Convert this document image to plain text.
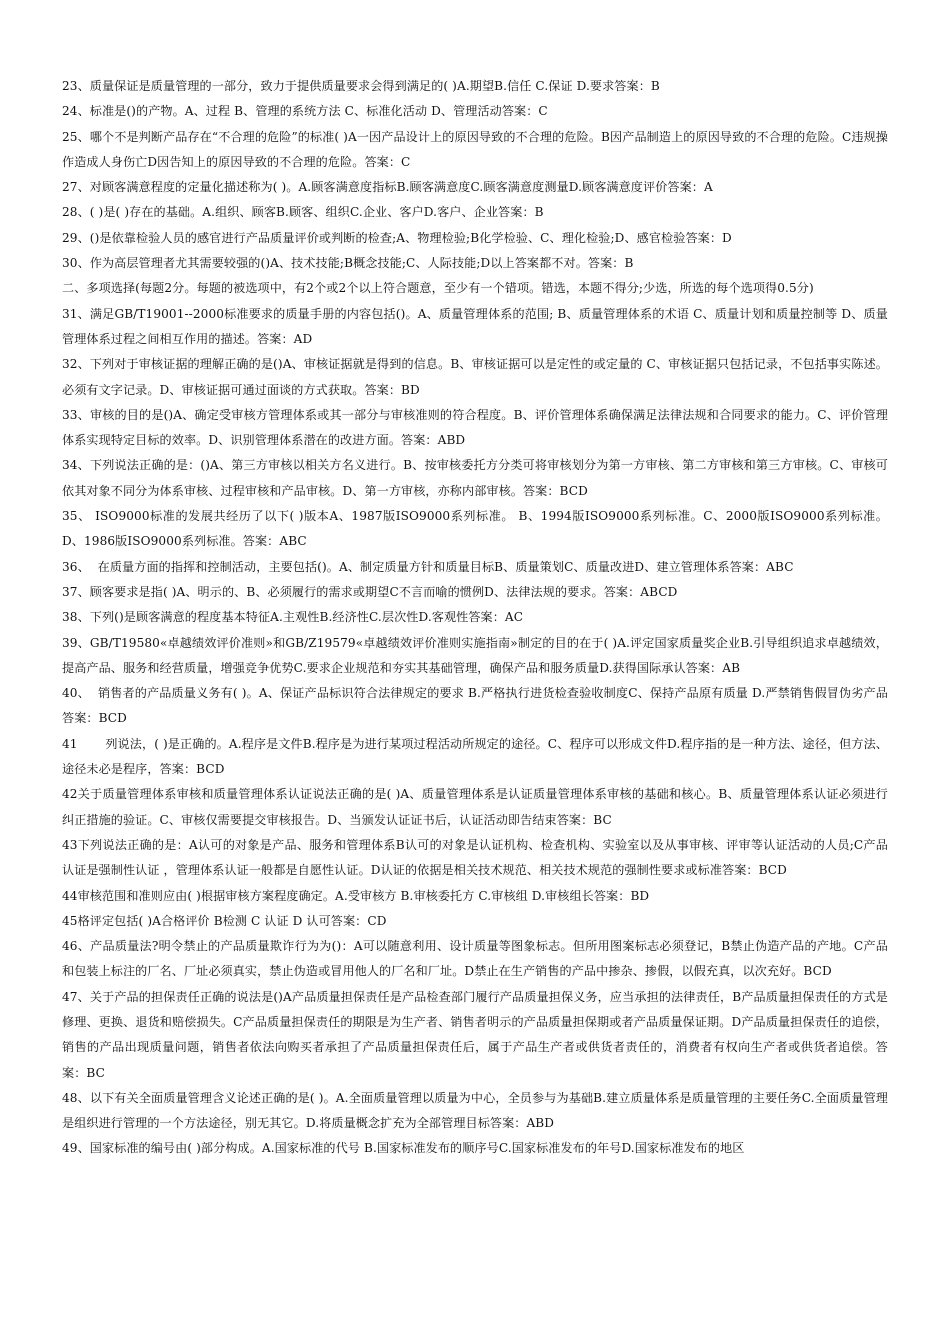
23、质量保证是质量管理的一部分，致力于提供质量要求会得到满足的( )A.期望B.信任 C.保证 D.要求答案：B

24、标准是()的产物。A、过程 B、管理的系统方法 C、标准化活动 D、管理活动答案：C

25、哪个不是判断产品存在“不合理的危险”的标准( )A一因产品设计上的原因导致的不合理的危险。B因产品制造上的原因导致的不合理的危险。C违规操作造成人身伤亡D因告知上的原因导致的不合理的危险。答案：C

27、对顾客满意程度的定量化描述称为( )。A.顾客满意度指标B.顾客满意度C.顾客满意度测量D.顾客满意度评价答案：A

28、( )是( )存在的基础。A.组织、顾客B.顾客、组织C.企业、客户D.客户、企业答案：B

29、()是依靠检验人员的感官进行产品质量评价或判断的检查;A、物理检验;B化学检验、C、理化检验;D、感官检验答案：D

30、作为高层管理者尤其需要较强的()A、技术技能;B概念技能;C、人际技能;D以上答案都不对。答案：B

二、多项选择(每题2分。每题的被选项中，有2个或2个以上符合题意，至少有一个错项。错选，本题不得分;少选，所选的每个选项得0.5分)

31、满足GB/T19001--2000标准要求的质量手册的内容包括()。A、质量管理体系的范围; B、质量管理体系的术语 C、质量计划和质量控制等 D、质量管理体系过程之间相互作用的描述。答案：AD

32、下列对于审核证据的理解正确的是()A、审核证据就是得到的信息。B、审核证据可以是定性的或定量的 C、审核证据只包括记录，不包括事实陈述。必须有文字记录。D、审核证据可通过面谈的方式获取。答案：BD

33、审核的目的是()A、确定受审核方管理体系或其一部分与审核准则的符合程度。B、评价管理体系确保满足法律法规和合同要求的能力。C、评价管理体系实现特定目标的效率。D、识别管理体系潜在的改进方面。答案：ABD

34、下列说法正确的是：()A、第三方审核以相关方名义进行。B、按审核委托方分类可将审核划分为第一方审核、第二方审核和第三方审核。C、审核可依其对象不同分为体系审核、过程审核和产品审核。D、第一方审核，亦称内部审核。答案：BCD

35、 ISO9000标准的发展共经历了以下( )版本A、1987版ISO9000系列标准。 B、1994版ISO9000系列标准。C、2000版ISO9000系列标准。 D、1986版ISO9000系列标准。答案：ABC

36、  在质量方面的指挥和控制活动，主要包括()。A、制定质量方针和质量目标B、质量策划C、质量改进D、建立管理体系答案：ABC

37、顾客要求是指( )A、明示的、B、必须履行的需求或期望C不言而喻的惯例D、法律法规的要求。答案：ABCD

38、下列()是顾客满意的程度基本特征A.主观性B.经济性C.层次性D.客观性答案：AC

39、GB/T19580«卓越绩效评价准则»和GB/Z19579«卓越绩效评价准则实施指南»制定的目的在于( )A.评定国家质量奖企业B.引导组织追求卓越绩效，提高产品、服务和经营质量，增强竞争优势C.要求企业规范和夯实其基础管理，确保产品和服务质量D.获得国际承认答案：AB

40、  销售者的产品质量义务有( )。A、保证产品标识符合法律规定的要求 B.严格执行进货检查验收制度C、保持产品原有质量 D.严禁销售假冒伪劣产品答案：BCD

41       列说法，( )是正确的。A.程序是文件B.程序是为进行某项过程活动所规定的途径。C、程序可以形成文件D.程序指的是一种方法、途径，但方法、途径未必是程序，答案：BCD

42关于质量管理体系审核和质量管理体系认证说法正确的是( )A、质量管理体系是认证质量管理体系审核的基础和核心。B、质量管理体系认证必须进行纠正措施的验证。C、审核仅需要提交审核报告。D、当颁发认证证书后，认证活动即告结束答案：BC

43下列说法正确的是：A认可的对象是产品、服务和管理体系B认可的对象是认证机构、检查机构、实验室以及从事审核、评审等认证活动的人员;C产品认证是强制性认证 ，管理体系认证一般都是自愿性认证。D认证的依据是相关技术规范、相关技术规范的强制性要求或标准答案：BCD

44审核范围和准则应由( )根据审核方案程度确定。A.受审核方 B.审核委托方 C.审核组 D.审核组长答案：BD

45格评定包括( )A合格评价 B检测 C 认证 D 认可答案：CD

46、产品质量法?明令禁止的产品质量欺诈行为为()：A可以随意利用、设计质量等图象标志。但所用图案标志必须登记，B禁止伪造产品的产地。C产品和包装上标注的厂名、厂址必须真实，禁止伪造或冒用他人的厂名和厂址。D禁止在生产销售的产品中掺杂、掺假，以假充真，以次充好。BCD

47、关于产品的担保责任正确的说法是()A产品质量担保责任是产品检查部门履行产品质量担保义务，应当承担的法律责任，B产品质量担保责任的方式是修理、更换、退货和赔偿损失。C产品质量担保责任的期限是为生产者、销售者明示的产品质量担保期或者产品质量保证期。D产品质量担保责任的追偿，销售的产品出现质量问题，销售者依法向购买者承担了产品质量担保责任后，属于产品生产者或供货者责任的，消费者有权向生产者或供货者追偿。答案：BC

48、以下有关全面质量管理含义论述正确的是( )。A.全面质量管理以质量为中心，全员参与为基础B.建立质量体系是质量管理的主要任务C.全面质量管理是组织进行管理的一个方法途径，别无其它。D.将质量概念扩充为全部管理目标答案：ABD

49、国家标准的编号由( )部分构成。A.国家标准的代号 B.国家标准发布的顺序号C.国家标准发布的年号D.国家标准发布的地区
